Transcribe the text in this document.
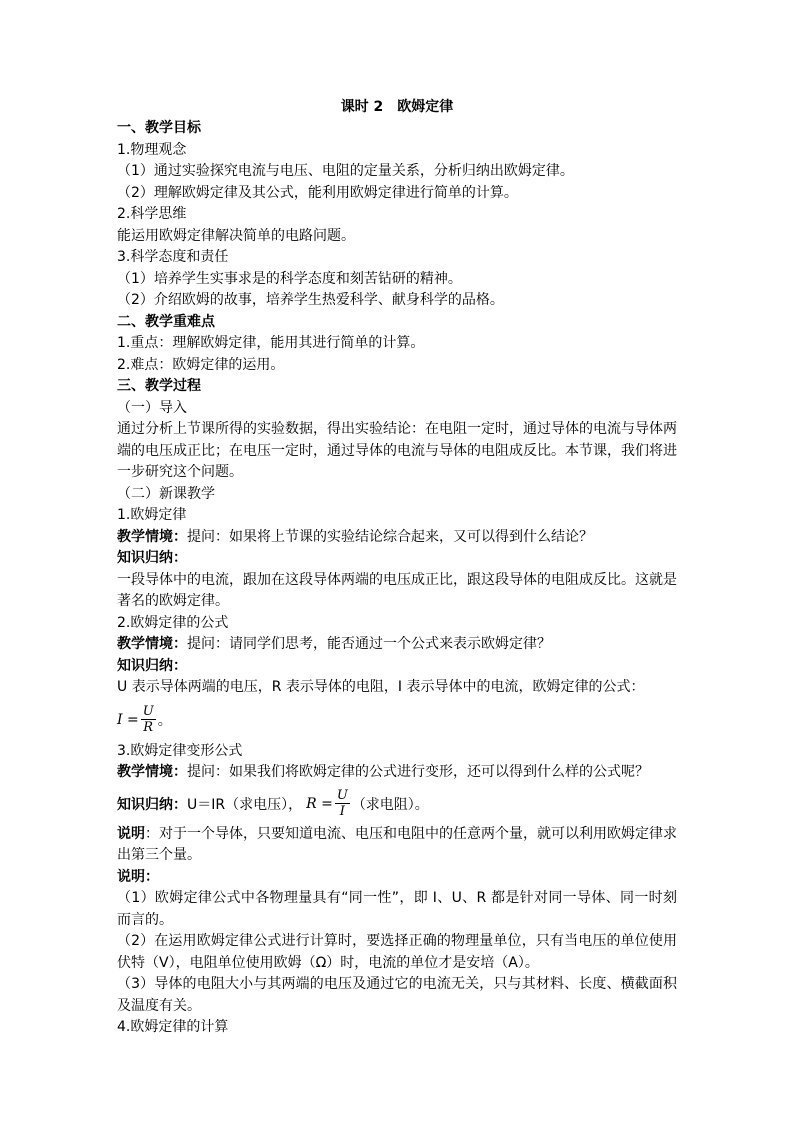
课时 2　欧姆定律
一、教学目标
1.物理观念
（1）通过实验探究电流与电压、电阻的定量关系，分析归纳出欧姆定律。
（2）理解欧姆定律及其公式，能利用欧姆定律进行简单的计算。
2.科学思维
能运用欧姆定律解决简单的电路问题。
3.科学态度和责任
（1）培养学生实事求是的科学态度和刻苦钻研的精神。
（2）介绍欧姆的故事，培养学生热爱科学、献身科学的品格。
二、教学重难点
1.重点：理解欧姆定律，能用其进行简单的计算。
2.难点：欧姆定律的运用。
三、教学过程
（一）导入
通过分析上节课所得的实验数据，得出实验结论：在电阻一定时，通过导体的电流与导体两端的电压成正比；在电压一定时，通过导体的电流与导体的电阻成反比。本节课，我们将进一步研究这个问题。
（二）新课教学
1.欧姆定律
教学情境：提问：如果将上节课的实验结论综合起来，又可以得到什么结论？
知识归纳：
一段导体中的电流，跟加在这段导体两端的电压成正比，跟这段导体的电阻成反比。这就是著名的欧姆定律。
2.欧姆定律的公式
教学情境：提问：请同学们思考，能否通过一个公式来表示欧姆定律？
知识归纳：
U 表示导体两端的电压，R 表示导体的电阻，I 表示导体中的电流，欧姆定律的公式：
$I = \frac{U}{R}$ 。
3.欧姆定律变形公式
教学情境：提问：如果我们将欧姆定律的公式进行变形，还可以得到什么样的公式呢？
知识归纳： U＝IR（求电压）， $R = \frac{U}{I}$ （求电阻）。
说明：对于一个导体，只要知道电流、电压和电阻中的任意两个量，就可以利用欧姆定律求出第三个量。
说明：
（1）欧姆定律公式中各物理量具有“同一性”，即 I、U、R 都是针对同一导体、同一时刻而言的。
（2）在运用欧姆定律公式进行计算时，要选择正确的物理量单位，只有当电压的单位使用伏特（V），电阻单位使用欧姆（Ω）时，电流的单位才是安培（A）。
（3）导体的电阻大小与其两端的电压及通过它的电流无关，只与其材料、长度、横截面积及温度有关。
4.欧姆定律的计算
